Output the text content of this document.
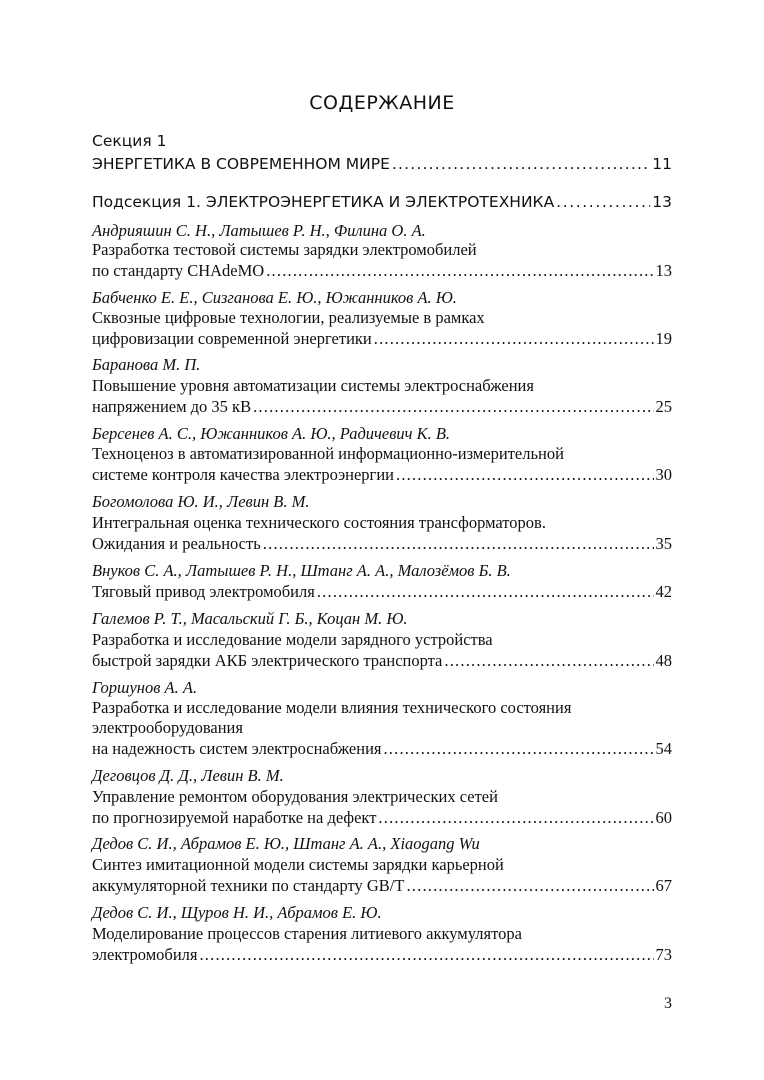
СОДЕРЖАНИЕ
Секция 1
ЭНЕРГЕТИКА В СОВРЕМЕННОМ МИРЕ .....	11
Подсекция 1. ЭЛЕКТРОЭНЕРГЕТИКА И ЭЛЕКТРОТЕХНИКА .....	13
Андрияшин С. Н., Латышев Р. Н., Филина О. А.
Разработка тестовой системы зарядки электромобилей
по стандарту CHAdeMO .....	13
Бабченко Е. Е., Сизганова Е. Ю., Южанников А. Ю.
Сквозные цифровые технологии, реализуемые в рамках
цифровизации современной энергетики .....	19
Баранова М. П.
Повышение уровня автоматизации системы электроснабжения
напряжением до 35 кВ .....	25
Берсенев А. С., Южанников А. Ю., Радичевич К. В.
Техноценоз в автоматизированной информационно-измерительной
системе контроля качества электроэнергии .....	30
Богомолова Ю. И., Левин В. М.
Интегральная оценка технического состояния трансформаторов.
Ожидания и реальность .....	35
Внуков С. А., Латышев Р. Н., Штанг А. А., Малозёмов Б. В.
Тяговый привод электромобиля .....	42
Галемов Р. Т., Масальский Г. Б., Коцан М. Ю.
Разработка и исследование модели зарядного устройства
быстрой зарядки АКБ электрического транспорта .....	48
Горшунов А. А.
Разработка и исследование модели влияния технического состояния
электрооборудования
на надежность систем электроснабжения .....	54
Деговцов Д. Д., Левин В. М.
Управление ремонтом оборудования электрических сетей
по прогнозируемой наработке на дефект .....	60
Дедов С. И., Абрамов Е. Ю., Штанг А. А., Xiaogang Wu
Синтез имитационной модели системы зарядки карьерной
аккумуляторной техники по стандарту GB/T .....	67
Дедов С. И., Щуров Н. И., Абрамов Е. Ю.
Моделирование процессов старения литиевого аккумулятора
электромобиля .....	73
3
